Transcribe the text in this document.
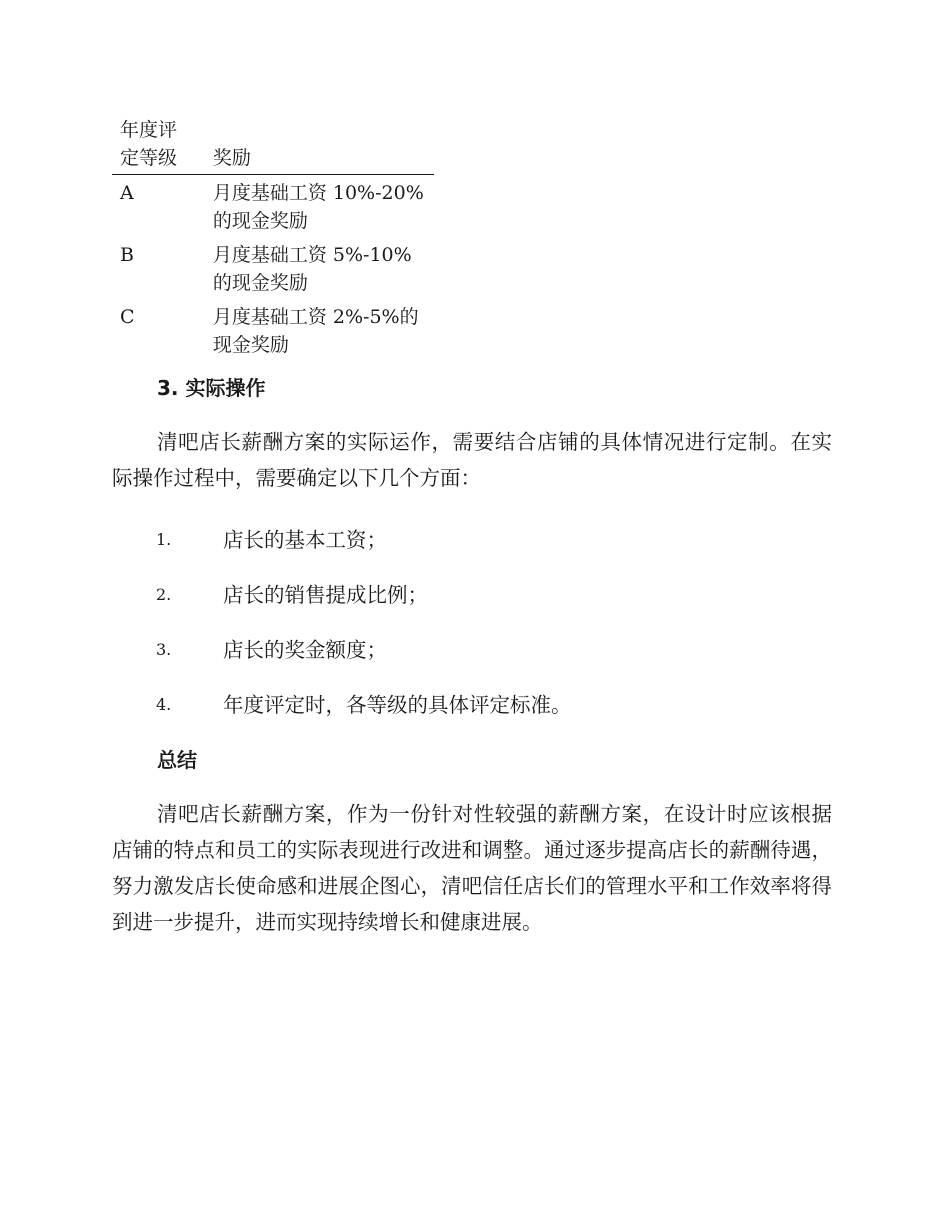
年度评定等级	奖励
A	月度基础工资 10%-20%的现金奖励

B	月度基础工资 5%-10%的现金奖励

C	月度基础工资 2%-5%的现金奖励
3. 实际操作

清吧店长薪酬方案的实际运作，需要结合店铺的具体情况进行定制。在实际操作过程中，需要确定以下几个方面：

1.	店长的基本工资；
2.	店长的销售提成比例；
3.	店长的奖金额度；
4.	年度评定时，各等级的具体评定标准。
总结

清吧店长薪酬方案，作为一份针对性较强的薪酬方案，在设计时应该根据店铺的特点和员工的实际表现进行改进和调整。通过逐步提高店长的薪酬待遇，努力激发店长使命感和进展企图心，清吧信任店长们的管理水平和工作效率将得到进一步提升，进而实现持续增长和健康进展。
